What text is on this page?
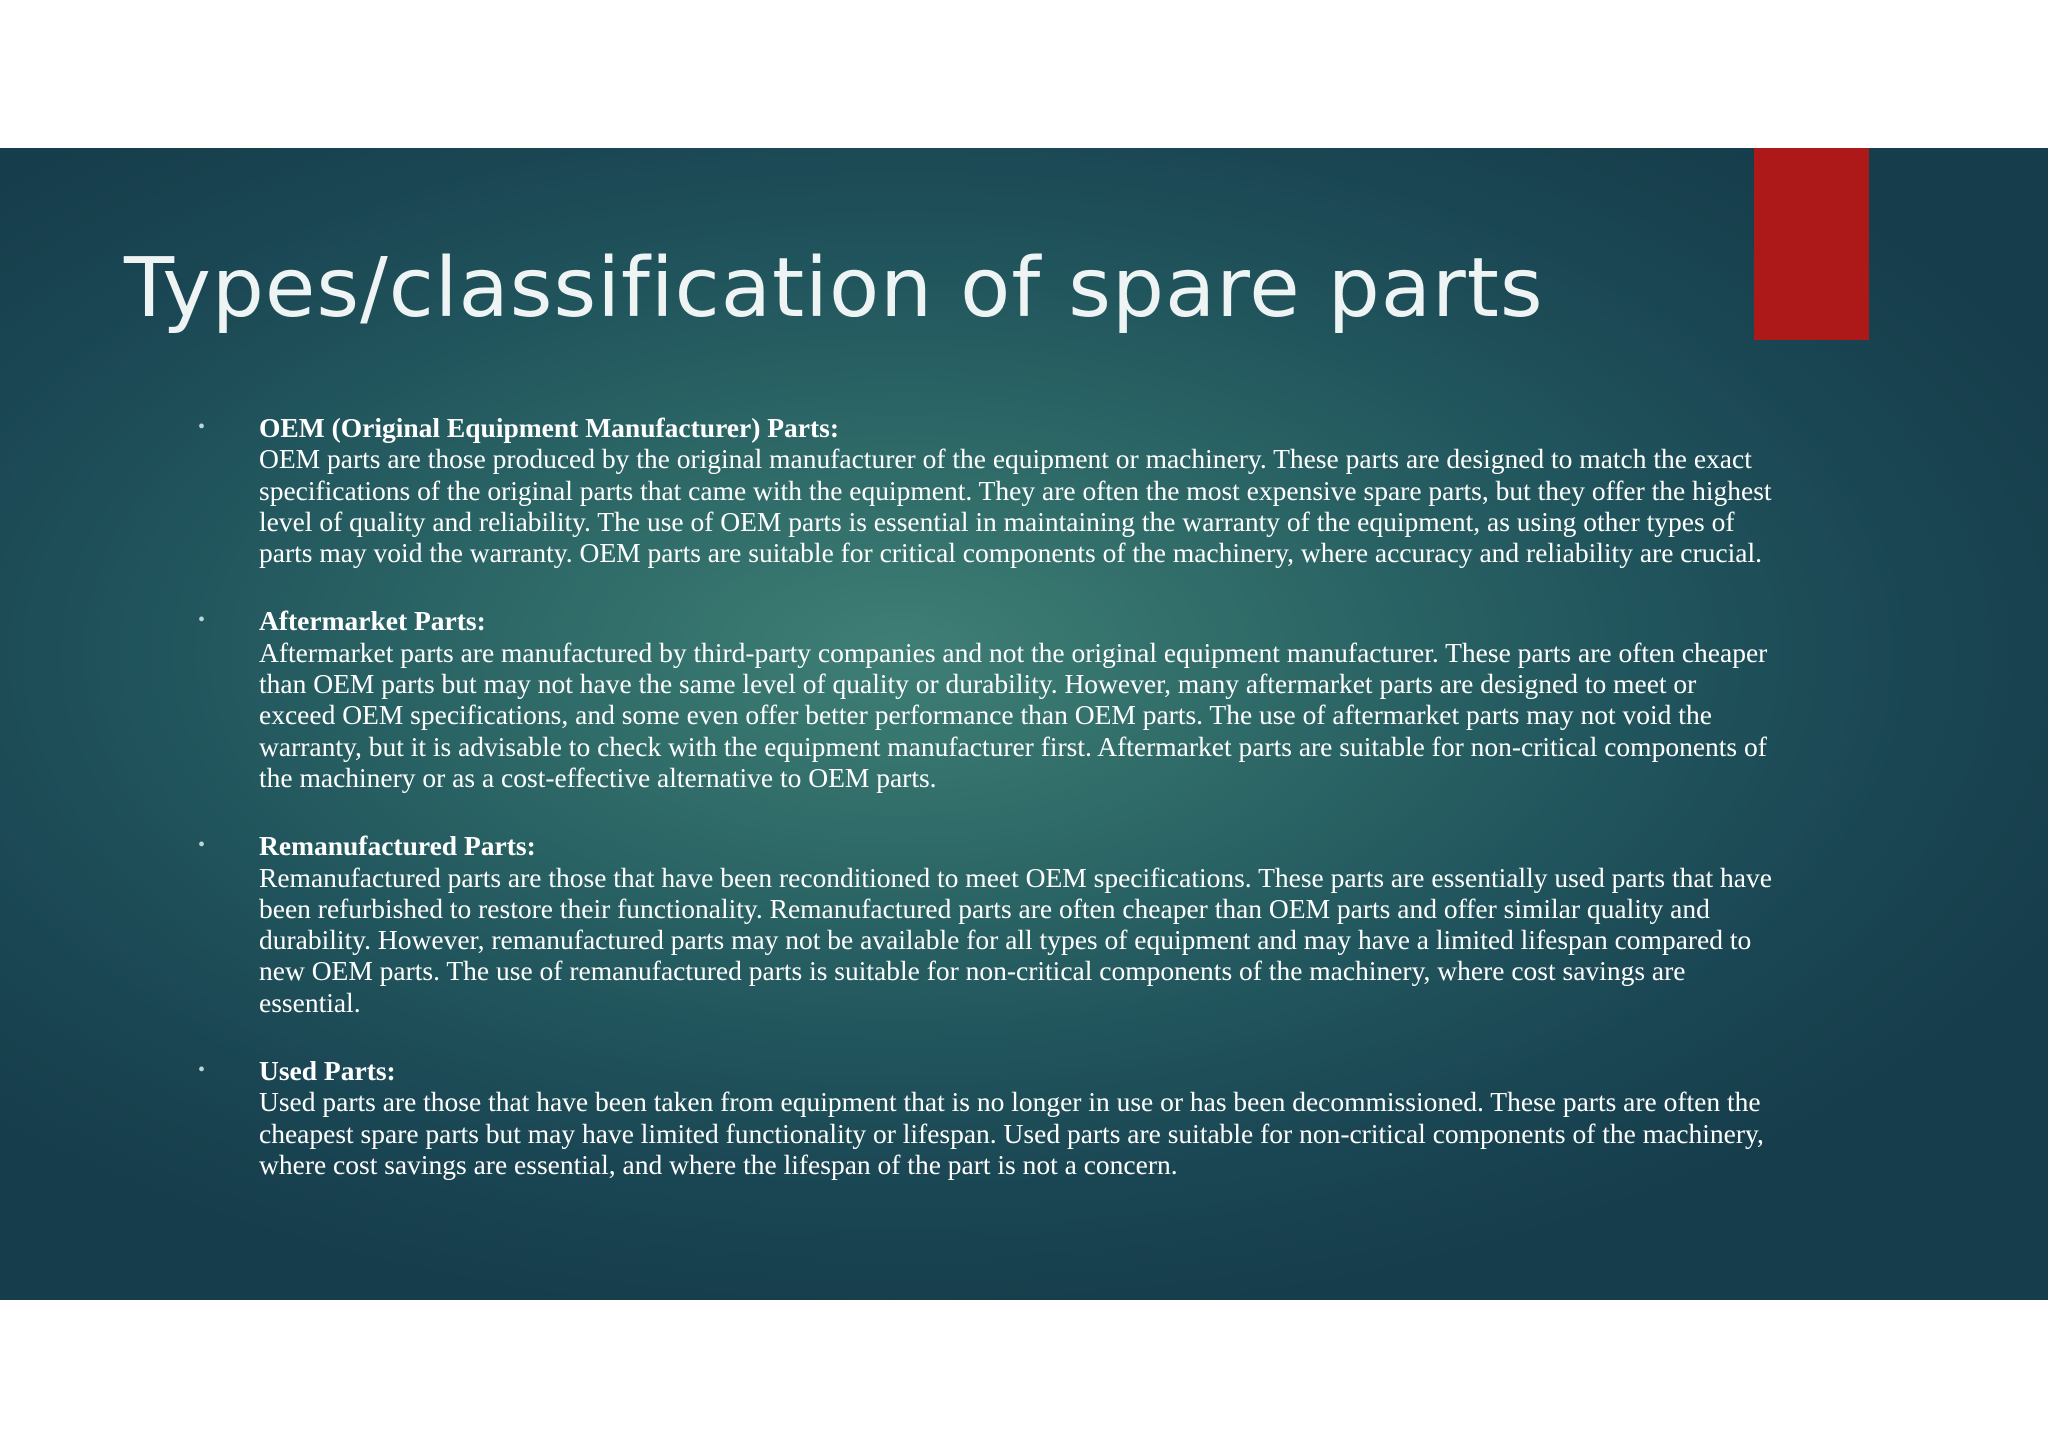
Types/classification of spare parts
• OEM (Original Equipment Manufacturer) Parts:
OEM parts are those produced by the original manufacturer of the equipment or machinery. These parts are designed to match the exact specifications of the original parts that came with the equipment. They are often the most expensive spare parts, but they offer the highest level of quality and reliability. The use of OEM parts is essential in maintaining the warranty of the equipment, as using other types of parts may void the warranty. OEM parts are suitable for critical components of the machinery, where accuracy and reliability are crucial.
• Aftermarket Parts:
Aftermarket parts are manufactured by third-party companies and not the original equipment manufacturer. These parts are often cheaper than OEM parts but may not have the same level of quality or durability. However, many aftermarket parts are designed to meet or exceed OEM specifications, and some even offer better performance than OEM parts. The use of aftermarket parts may not void the warranty, but it is advisable to check with the equipment manufacturer first. Aftermarket parts are suitable for non-critical components of the machinery or as a cost-effective alternative to OEM parts.
• Remanufactured Parts:
Remanufactured parts are those that have been reconditioned to meet OEM specifications. These parts are essentially used parts that have been refurbished to restore their functionality. Remanufactured parts are often cheaper than OEM parts and offer similar quality and durability. However, remanufactured parts may not be available for all types of equipment and may have a limited lifespan compared to new OEM parts. The use of remanufactured parts is suitable for non-critical components of the machinery, where cost savings are essential.
• Used Parts:
Used parts are those that have been taken from equipment that is no longer in use or has been decommissioned. These parts are often the cheapest spare parts but may have limited functionality or lifespan. Used parts are suitable for non-critical components of the machinery, where cost savings are essential, and where the lifespan of the part is not a concern.
